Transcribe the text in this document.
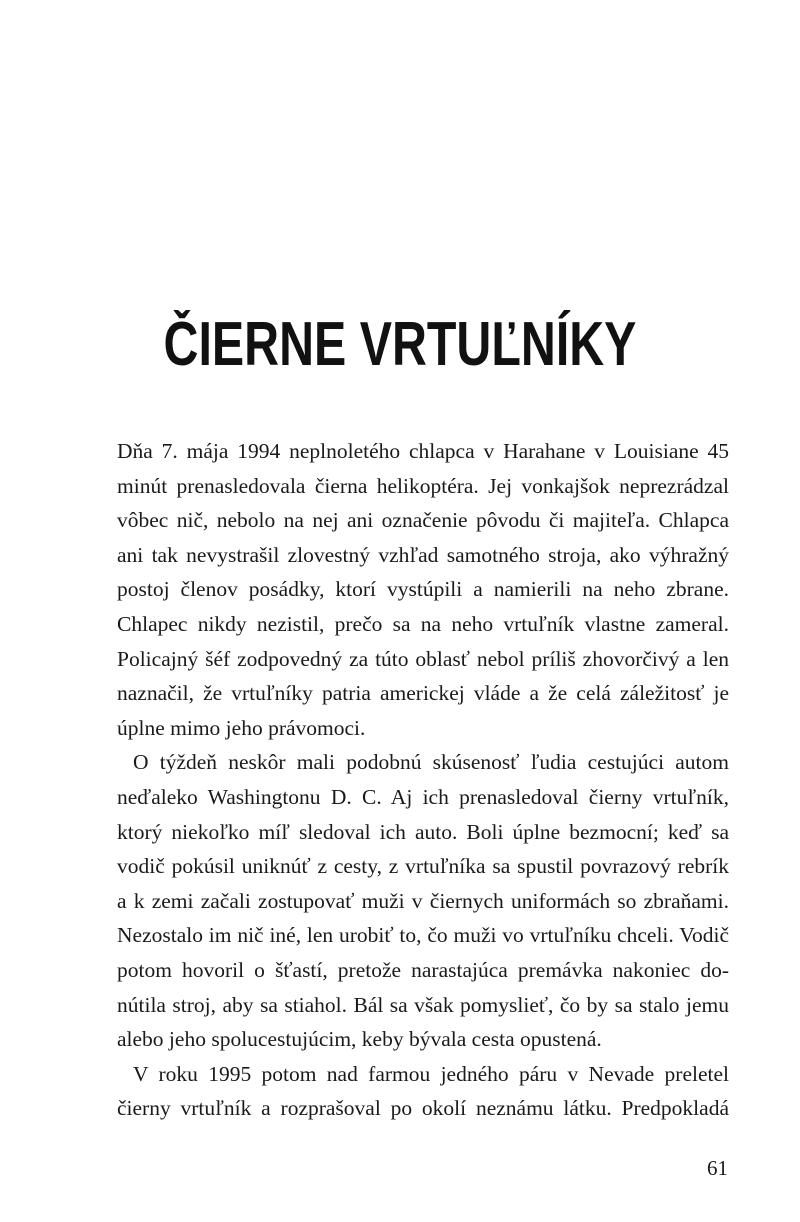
ČIERNE VRTUĽNÍKY
Dňa 7. mája 1994 neplnoletého chlapca v Harahane v Louisiane 45
minút prenasledovala čierna helikoptéra. Jej vonkajšok neprezrádzal
vôbec nič, nebolo na nej ani označenie pôvodu či majiteľa. Chlapca
ani tak nevystrašil zlovestný vzhľad samotného stroja, ako výhražný
postoj členov posádky, ktorí vystúpili a namierili na neho zbrane.
Chlapec nikdy nezistil, prečo sa na neho vrtuľník vlastne zameral.
Policajný šéf zodpovedný za túto oblasť nebol príliš zhovorčivý a len
naznačil, že vrtuľníky patria americkej vláde a že celá záležitosť je
úplne mimo jeho právomoci.
O týždeň neskôr mali podobnú skúsenosť ľudia cestujúci autom
neďaleko Washingtonu D. C. Aj ich prenasledoval čierny vrtuľník,
ktorý niekoľko míľ sledoval ich auto. Boli úplne bezmocní; keď sa
vodič pokúsil uniknúť z cesty, z vrtuľníka sa spustil povrazový rebrík
a k zemi začali zostupovať muži v čiernych uniformách so zbraňami.
Nezostalo im nič iné, len urobiť to, čo muži vo vrtuľníku chceli. Vodič
potom hovoril o šťastí, pretože narastajúca premávka nakoniec do-
nútila stroj, aby sa stiahol. Bál sa však pomyslieť, čo by sa stalo jemu
alebo jeho spolucestujúcim, keby bývala cesta opustená.
V roku 1995 potom nad farmou jedného páru v Nevade preletel
čierny vrtuľník a rozprašoval po okolí neznámu látku. Predpokladá
61
